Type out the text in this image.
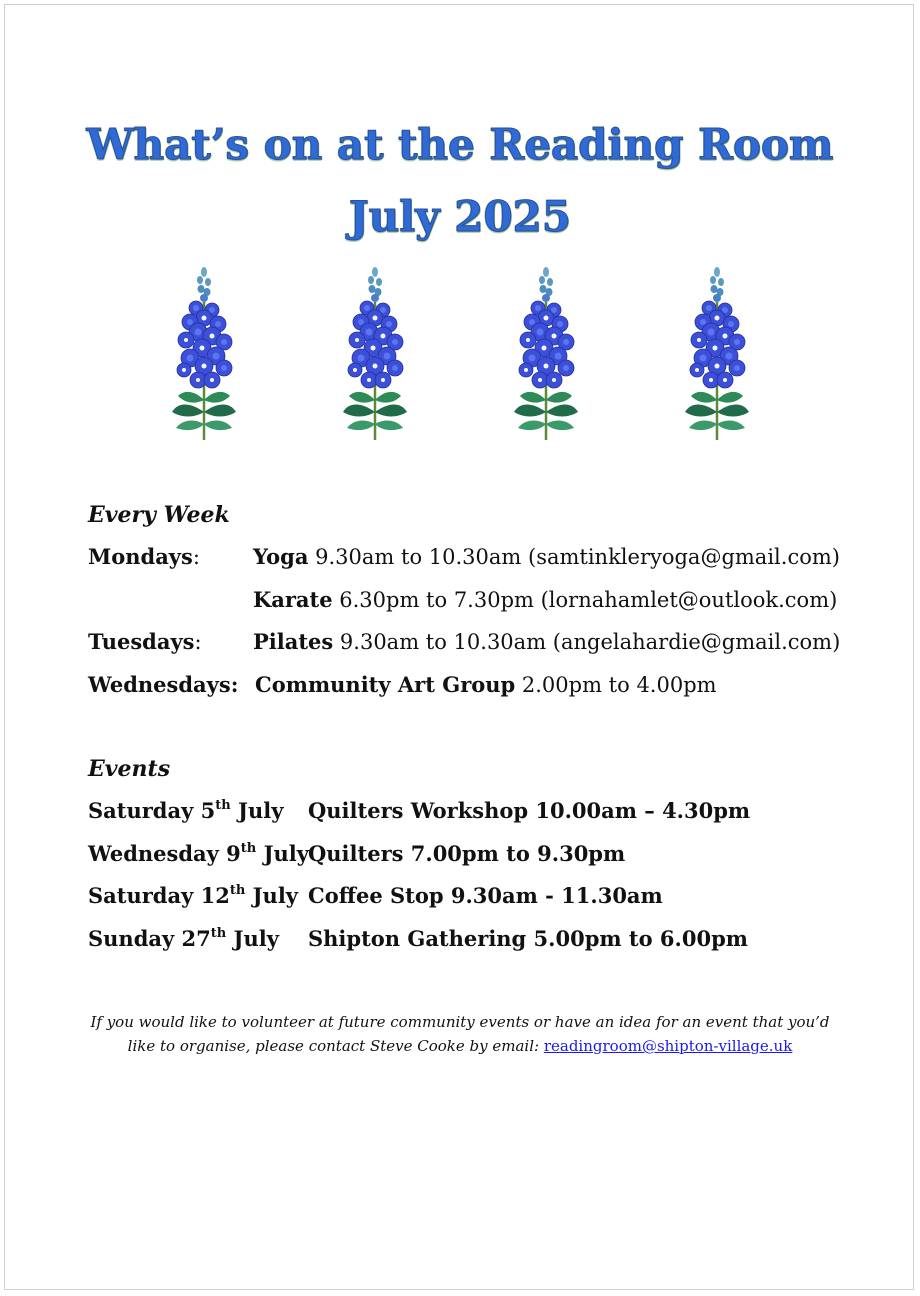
What’s on at the Reading Room
July 2025
Every Week
Mondays:	Yoga 9.30am to 10.30am (samtinkleryoga@gmail.com)
Karate 6.30pm to 7.30pm (lornahamlet@outlook.com)
Tuesdays: Pilates 9.30am to 10.30am (angelahardie@gmail.com)
Wednesdays: Community Art Group 2.00pm to 4.00pm
Events
Saturday 5th July Quilters Workshop 10.00am – 4.30pm
Wednesday 9th July Quilters 7.00pm to 9.30pm
Saturday 12th July Coffee Stop 9.30am - 11.30am
Sunday 27th July Shipton Gathering 5.00pm to 6.00pm
If you would like to volunteer at future community events or have an idea for an event that you’d like to organise, please contact Steve Cooke by email: readingroom@shipton-village.uk
